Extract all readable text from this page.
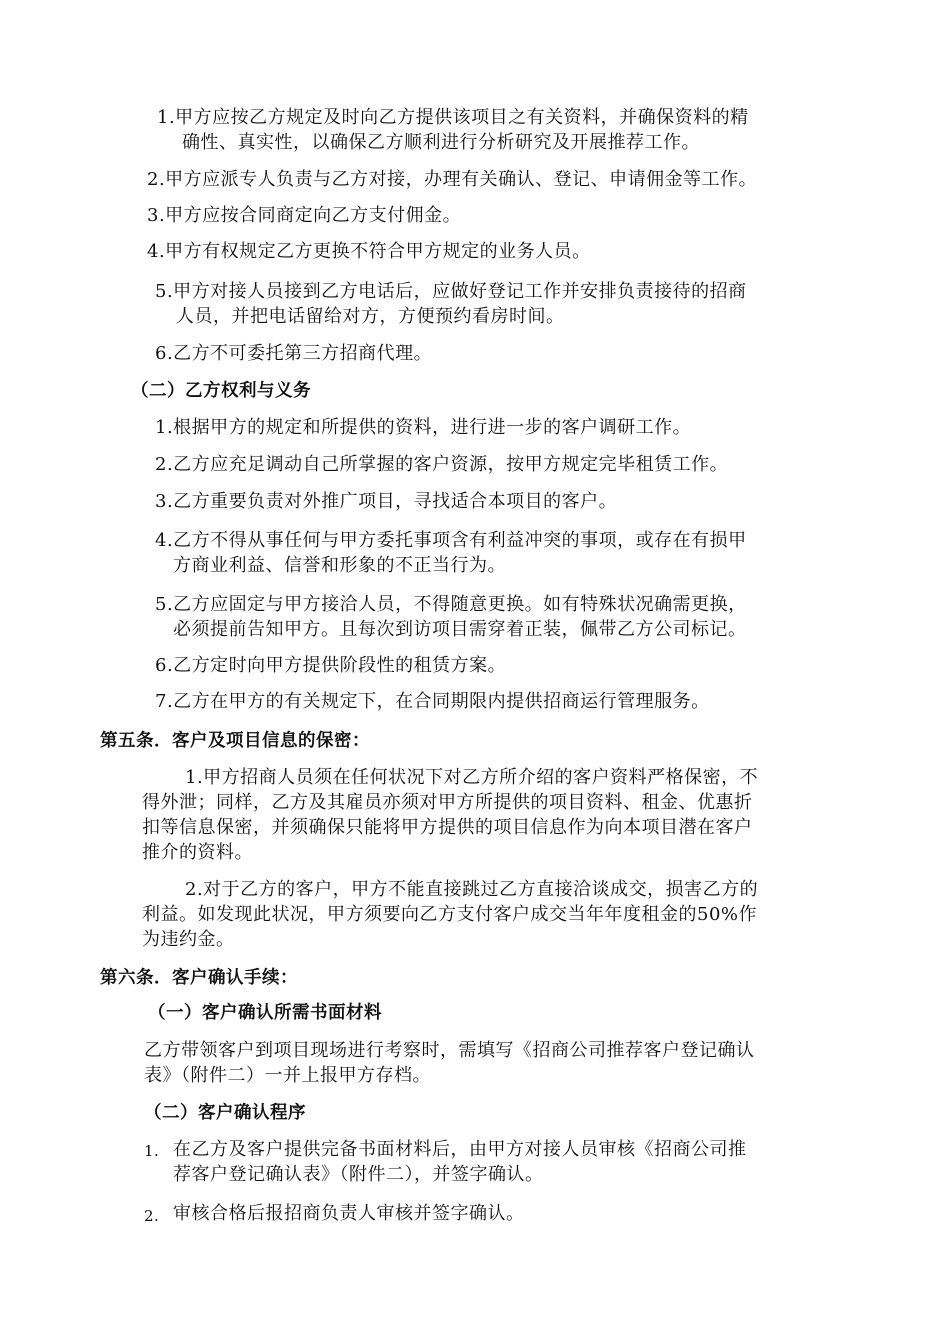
1.甲方应按乙方规定及时向乙方提供该项目之有关资料，并确保资料的精
确性、真实性，以确保乙方顺利进行分析研究及开展推荐工作。
2.甲方应派专人负责与乙方对接，办理有关确认、登记、申请佣金等工作。
3.甲方应按合同商定向乙方支付佣金。
4.甲方有权规定乙方更换不符合甲方规定的业务人员。
5.甲方对接人员接到乙方电话后，应做好登记工作并安排负责接待的招商
人员，并把电话留给对方，方便预约看房时间。
6.乙方不可委托第三方招商代理。
（二）乙方权利与义务
1.根据甲方的规定和所提供的资料，进行进一步的客户调研工作。
2.乙方应充足调动自己所掌握的客户资源，按甲方规定完毕租赁工作。
3.乙方重要负责对外推广项目，寻找适合本项目的客户。
4.乙方不得从事任何与甲方委托事项含有利益冲突的事项，或存在有损甲
方商业利益、信誉和形象的不正当行为。
5.乙方应固定与甲方接洽人员，不得随意更换。如有特殊状况确需更换，
必须提前告知甲方。且每次到访项目需穿着正装，佩带乙方公司标记。
6.乙方定时向甲方提供阶段性的租赁方案。
7.乙方在甲方的有关规定下，在合同期限内提供招商运行管理服务。
第五条．客户及项目信息的保密：
1.甲方招商人员须在任何状况下对乙方所介绍的客户资料严格保密，不
得外泄；同样，乙方及其雇员亦须对甲方所提供的项目资料、租金、优惠折
扣等信息保密，并须确保只能将甲方提供的项目信息作为向本项目潜在客户
推介的资料。
2.对于乙方的客户，甲方不能直接跳过乙方直接洽谈成交，损害乙方的
利益。如发现此状况，甲方须要向乙方支付客户成交当年年度租金的50%作
为违约金。
第六条．客户确认手续：
（一）客户确认所需书面材料
乙方带领客户到项目现场进行考察时，需填写《招商公司推荐客户登记确认
表》（附件二）一并上报甲方存档。
（二）客户确认程序
1. 在乙方及客户提供完备书面材料后，由甲方对接人员审核《招商公司推
荐客户登记确认表》（附件二），并签字确认。
2. 审核合格后报招商负责人审核并签字确认。
